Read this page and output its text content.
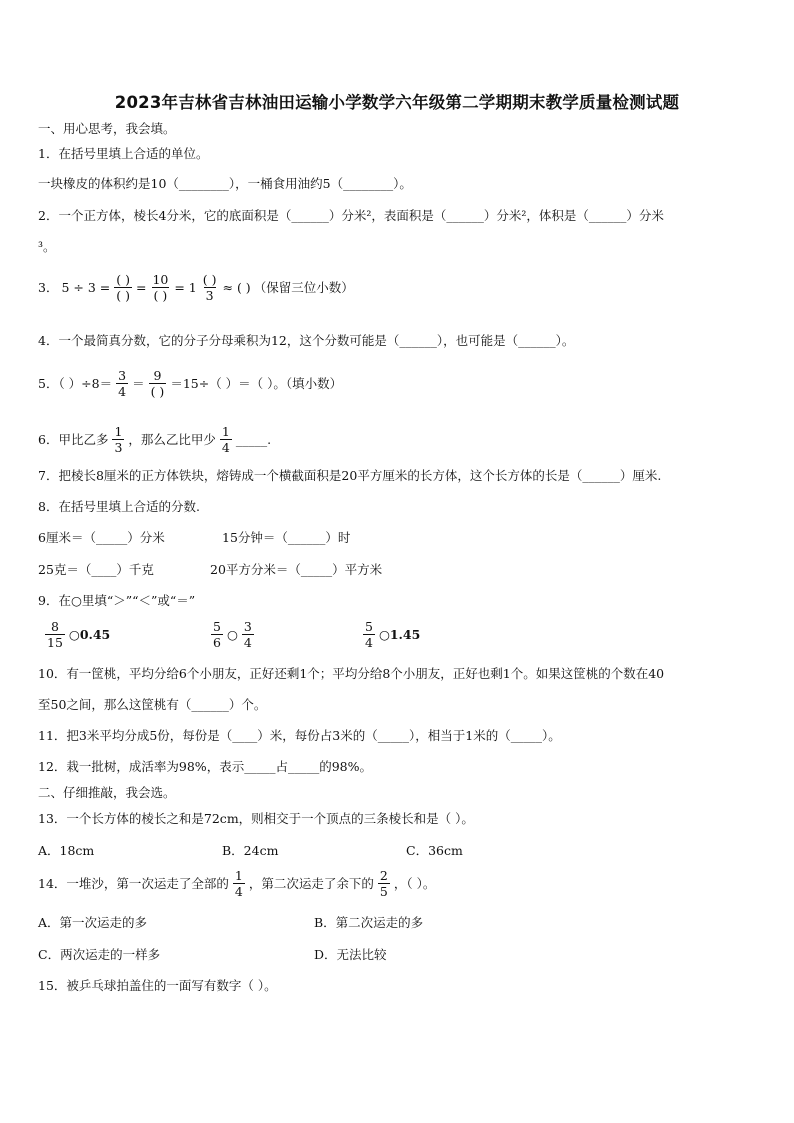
2023年吉林省吉林油田运输小学数学六年级第二学期期末教学质量检测试题
一、用心思考，我会填。
1．在括号里填上合适的单位。
一块橡皮的体积约是10（________），一桶食用油约5（________）。
2．一个正方体，棱长4分米，它的底面积是（______）分米²，表面积是（______）分米²，体积是（______）分米
³。
3． $5 \div 3 = \frac{( )}{( )} = \frac{10}{( )} = 1 \frac{( )}{3}$ ≈ ( ) （保留三位小数）
4．一个最简真分数，它的分子分母乘积为12，这个分数可能是（______），也可能是（______）。
5．（ ）$\div 8= \frac{3}{4} = \frac{9}{( )} =15\div$（ ）＝（ ）。（填小数）
6．甲比乙多 $\frac{1}{3}$ ，那么乙比甲少 $\frac{1}{4}$ _____.
7．把棱长8厘米的正方体铁块，熔铸成一个横截面积是20平方厘米的长方体，这个长方体的长是（______）厘米.
8．在括号里填上合适的分数.
6厘米＝（_____）分米	15分钟＝（______）时
25克＝（____）千克	20平方分米＝（_____）平方米
9．在○里填“＞”“＜”或“＝”
$\frac{8}{15}$ ○0.45	$\frac{5}{6}$ ○ $\frac{3}{4}$	$\frac{5}{4}$ ○1.45
10．有一筐桃，平均分给6个小朋友，正好还剩1个；平均分给8个小朋友，正好也剩1个。如果这筐桃的个数在40
至50之间，那么这筐桃有（______）个。
11．把3米平均分成5份，每份是（____）米，每份占3米的（_____），相当于1米的（_____）。
12．栽一批树，成活率为98%，表示_____占_____的98%。
二、仔细推敲，我会选。
13．一个长方体的棱长之和是72cm，则相交于一个顶点的三条棱长和是（ ）。
A．18cm	B．24cm	C．36cm
14．一堆沙，第一次运走了全部的 $\frac{1}{4}$ ，第二次运走了余下的 $\frac{2}{5}$ ，（ ）。
A．第一次运走的多	B．第二次运走的多
C．两次运走的一样多	D．无法比较
15．被乒乓球拍盖住的一面写有数字（ ）。
